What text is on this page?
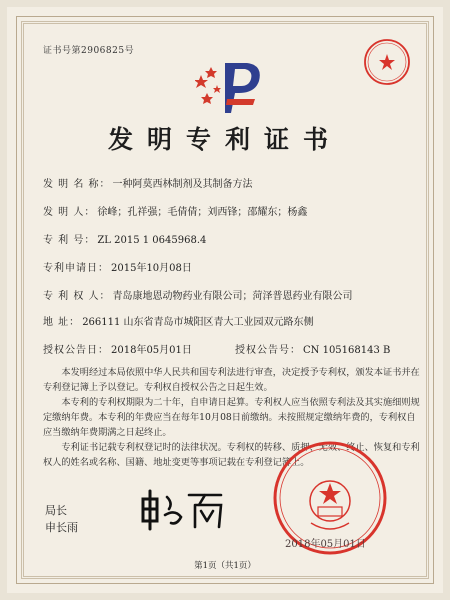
证书号第2906825号
发明专利证书
发 明 名 称： 一种阿莫西林制剂及其制备方法
发 明 人： 徐峰；孔祥强；毛倩倩；刘西锋；邵耀东；杨鑫
专 利 号： ZL 2015 1 0645968.4
专利申请日： 2015年10月08日
专 利 权 人： 青岛康地恩动物药业有限公司；菏泽普恩药业有限公司
地 址： 266111 山东省青岛市城阳区青大工业园双元路东侧
授权公告日： 2018年05月01日	授权公告号： CN 105168143 B

本发明经过本局依照中华人民共和国专利法进行审查，决定授予专利权，颁发本证书并在专利登记簿上予以登记。专利权自授权公告之日起生效。

本专利的专利权期限为二十年，自申请日起算。专利权人应当依照专利法及其实施细则规定缴纳年费。本专利的年费应当在每年10月08日前缴纳。未按照规定缴纳年费的，专利权自应当缴纳年费期满之日起终止。

专利证书记载专利权登记时的法律状况。专利权的转移、质押、无效、终止、恢复和专利权人的姓名或名称、国籍、地址变更等事项记载在专利登记簿上。

局长
申长雨
2018年05月01日
第1页（共1页）
